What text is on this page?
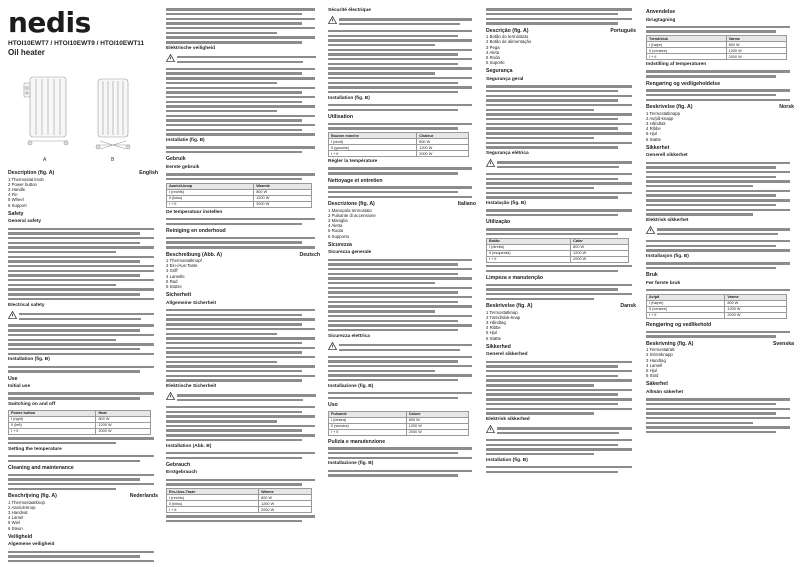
nedis
HTOI10EWT7 / HTOI10EWT9 / HTOI10EWT11
Oil heater
A	B
Description (fig. A)	English
1 Thermostat knob
2 Power button
3 Handle
4 Fin
5 Wheel
6 Support
Safety
General safety
Electrical safety
Installation (fig. B)
Use
Initial use
Switching on and off
Power button	Heat
I (right)	800 W
II (left)	1200 W
I + II	2000 W
Setting the temperature
Cleaning and maintenance
Beschrijving (fig. A)	Nederlands
1 Thermostaatknop
2 Aan/uit-knop
3 Handvat
4 Lamel
5 Wiel
6 Steun
Veiligheid
Algemene veiligheid
Elektrische veiligheid
Installatie (fig. B)
Gebruik
Eerste gebruik
Aan/uit-knop	Warmte
I (rechts)	800 W
II (links)	1200 W
I + II	2000 W
De temperatuur instellen
Reiniging en onderhoud
Beschreibung (Abb. A)	Deutsch
1 Thermostatknopf
2 Ein-/Aus-Taste
3 Griff
4 Lamelle
5 Rad
6 Stütze
Sicherheit
Allgemeine Sicherheit
Elektrische Sicherheit
Installation (Abb. B)
Gebrauch
Erstgebrauch
Ein-/Aus-Taste	Wärme
I (rechts)	800 W
II (links)	1200 W
I + II	2000 W
Sécurité électrique
Installation (fig. B)
Utilisation
Bouton marche	Chaleur
I (droit)	800 W
II (gauche)	1200 W
I + II	2000 W
Régler la température
Nettoyage et entretien
Descrizione (fig. A)	Italiano
1 Manopola termostato
2 Pulsante di accensione
3 Maniglia
4 Aletta
5 Ruota
6 Supporto
Sicurezza
Sicurezza generale
Sicurezza elettrica
Installazione (fig. B)
Uso
Pulsante	Calore
I (destra)	800 W
II (sinistra)	1200 W
I + II	2000 W
Pulizia e manutenzione
Installazione (fig. B)
Descrição (fig. A)	Português
1 Botão do termóstato
2 Botão de alimentação
3 Pega
4 Aleta
5 Roda
6 Suporte
Segurança
Segurança geral
Segurança elétrica
Instalação (fig. B)
Utilização
Botão	Calor
I (direita)	800 W
II (esquerda)	1200 W
I + II	2000 W
Limpeza e manutenção
Beskrivelse (fig. A)	Dansk
1 Termostatknap
2 Tænd/sluk-knap
3 Håndtag
4 Ribbe
5 Hjul
6 Støtte
Sikkerhed
Generel sikkerhed
Elektrisk sikkerhed
Installation (fig. B)
Anvendelse
Ibrugtagning
Tænd/sluk	Varme
I (højre)	800 W
II (venstre)	1200 W
I + II	2000 W
Indstilling af temperaturen
Rengøring og vedligeholdelse
Beskrivelse (fig. A)	Norsk
1 Termostatknapp
2 Av/på-knapp
3 Håndtak
4 Ribbe
5 Hjul
6 Støtte
Sikkerhet
Generell sikkerhet
Elektrisk sikkerhet
Installasjon (fig. B)
Bruk
Før første bruk
Av/på	Varme
I (høyre)	800 W
II (venstre)	1200 W
I + II	2000 W
Rengjøring og vedlikehold
Beskrivning (fig. A)	Svenska
1 Termostatratt
2 Strömknapp
3 Handtag
4 Lamell
5 Hjul
6 Stöd
Säkerhet
Allmän säkerhet
